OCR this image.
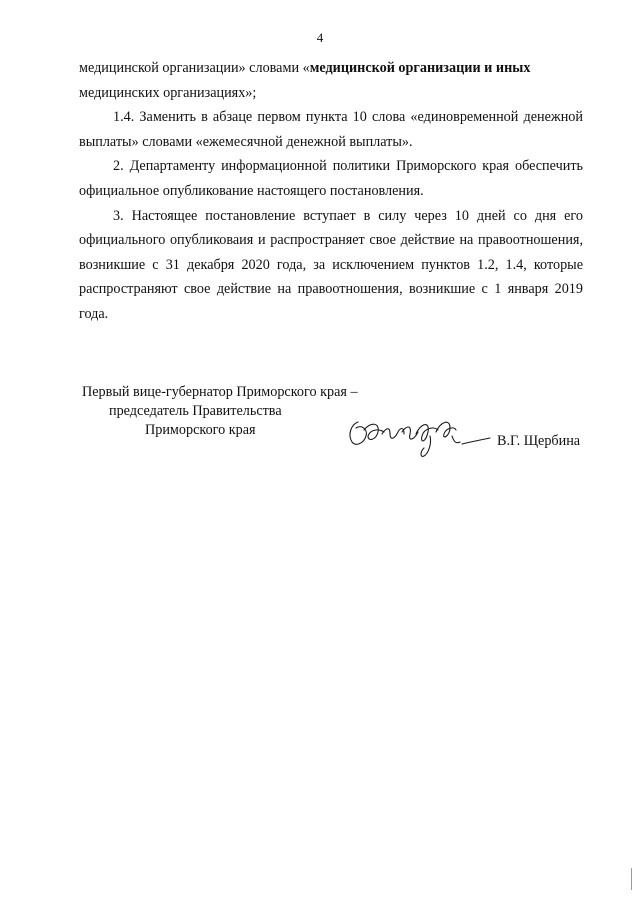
4

медицинской организации» словами «медицинской организации и иных
медицинских организациях»;

1.4. Заменить в абзаце первом пункта 10 слова «единовременной денежной выплаты» словами «ежемесячной денежной выплаты».

2. Департаменту информационной политики Приморского края обеспечить официальное опубликование настоящего постановления.

3. Настоящее постановление вступает в силу через 10 дней со дня его официального опубликоваия и распространяет свое действие на правоотношения, возникшие с 31 декабря 2020 года, за исключением пунктов 1.2, 1.4, которые распространяют свое действие на правоотношения, возникшие с 1 января 2019 года.

Первый вице-губернатор Приморского края –
председатель Правительства
Приморского края
В.Г. Щербина
